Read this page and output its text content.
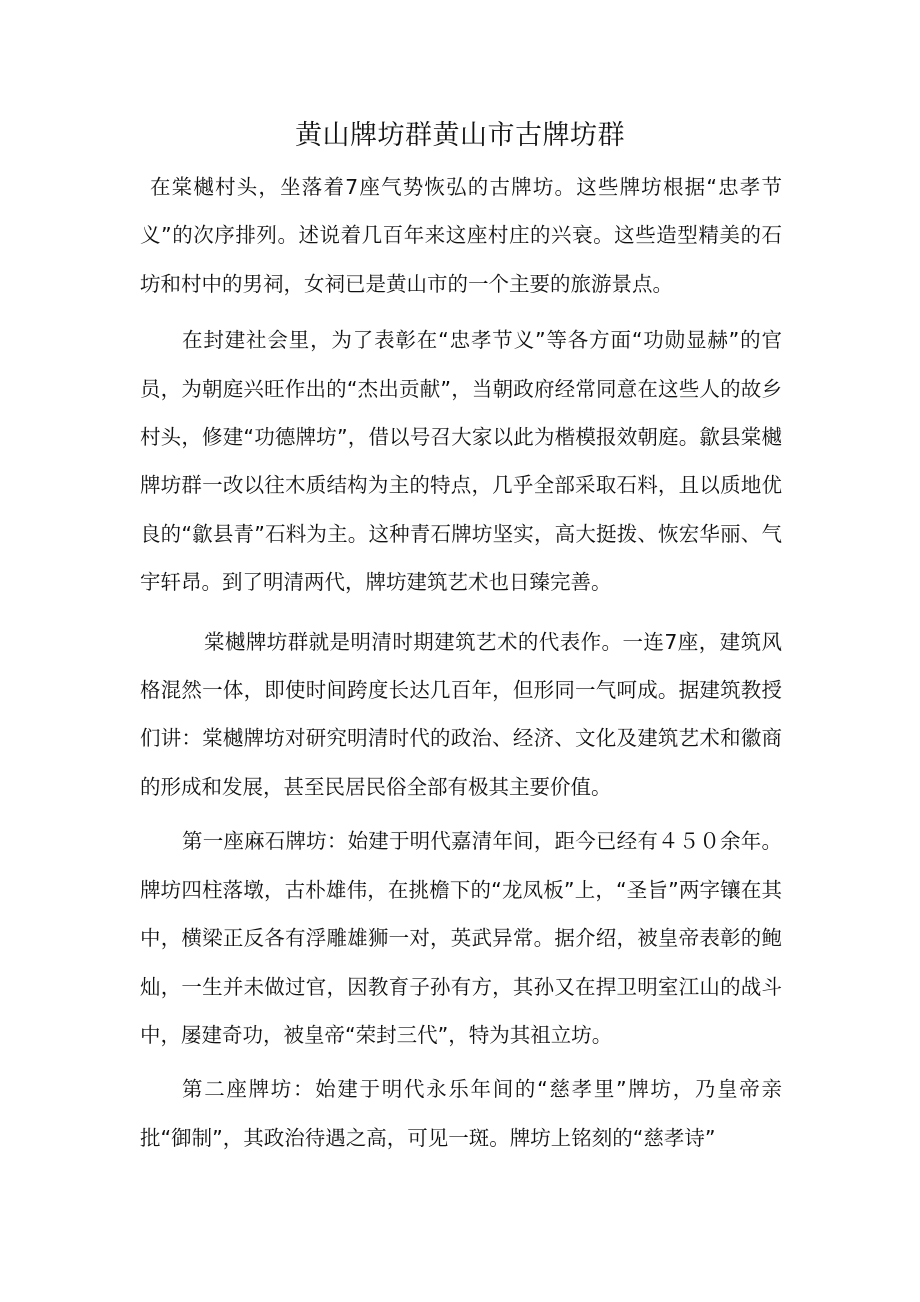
黄山牌坊群黄山市古牌坊群

在棠樾村头，坐落着7座气势恢弘的古牌坊。这些牌坊根据“忠孝节义”的次序排列。述说着几百年来这座村庄的兴衰。这些造型精美的石坊和村中的男祠，女祠已是黄山市的一个主要的旅游景点。

在封建社会里，为了表彰在“忠孝节义”等各方面“功勋显赫”的官员，为朝庭兴旺作出的“杰出贡献”，当朝政府经常同意在这些人的故乡村头，修建“功德牌坊”，借以号召大家以此为楷模报效朝庭。歙县棠樾牌坊群一改以往木质结构为主的特点，几乎全部采取石料，且以质地优良的“歙县青”石料为主。这种青石牌坊坚实，高大挺拨、恢宏华丽、气宇轩昂。到了明清两代，牌坊建筑艺术也日臻完善。

棠樾牌坊群就是明清时期建筑艺术的代表作。一连7座，建筑风格混然一体，即使时间跨度长达几百年，但形同一气呵成。据建筑教授们讲：棠樾牌坊对研究明清时代的政治、经济、文化及建筑艺术和徽商的形成和发展，甚至民居民俗全部有极其主要价值。

第一座麻石牌坊：始建于明代嘉清年间，距今已经有４５０余年。牌坊四柱落墩，古朴雄伟，在挑檐下的“龙凤板”上，“圣旨”两字镶在其中，横梁正反各有浮雕雄狮一对，英武异常。据介绍，被皇帝表彰的鲍灿，一生并未做过官，因教育子孙有方，其孙又在捍卫明室江山的战斗中，屡建奇功，被皇帝“荣封三代”，特为其祖立坊。

第二座牌坊：始建于明代永乐年间的“慈孝里”牌坊，乃皇帝亲批“御制”，其政治待遇之高，可见一斑。牌坊上铭刻的“慈孝诗”
